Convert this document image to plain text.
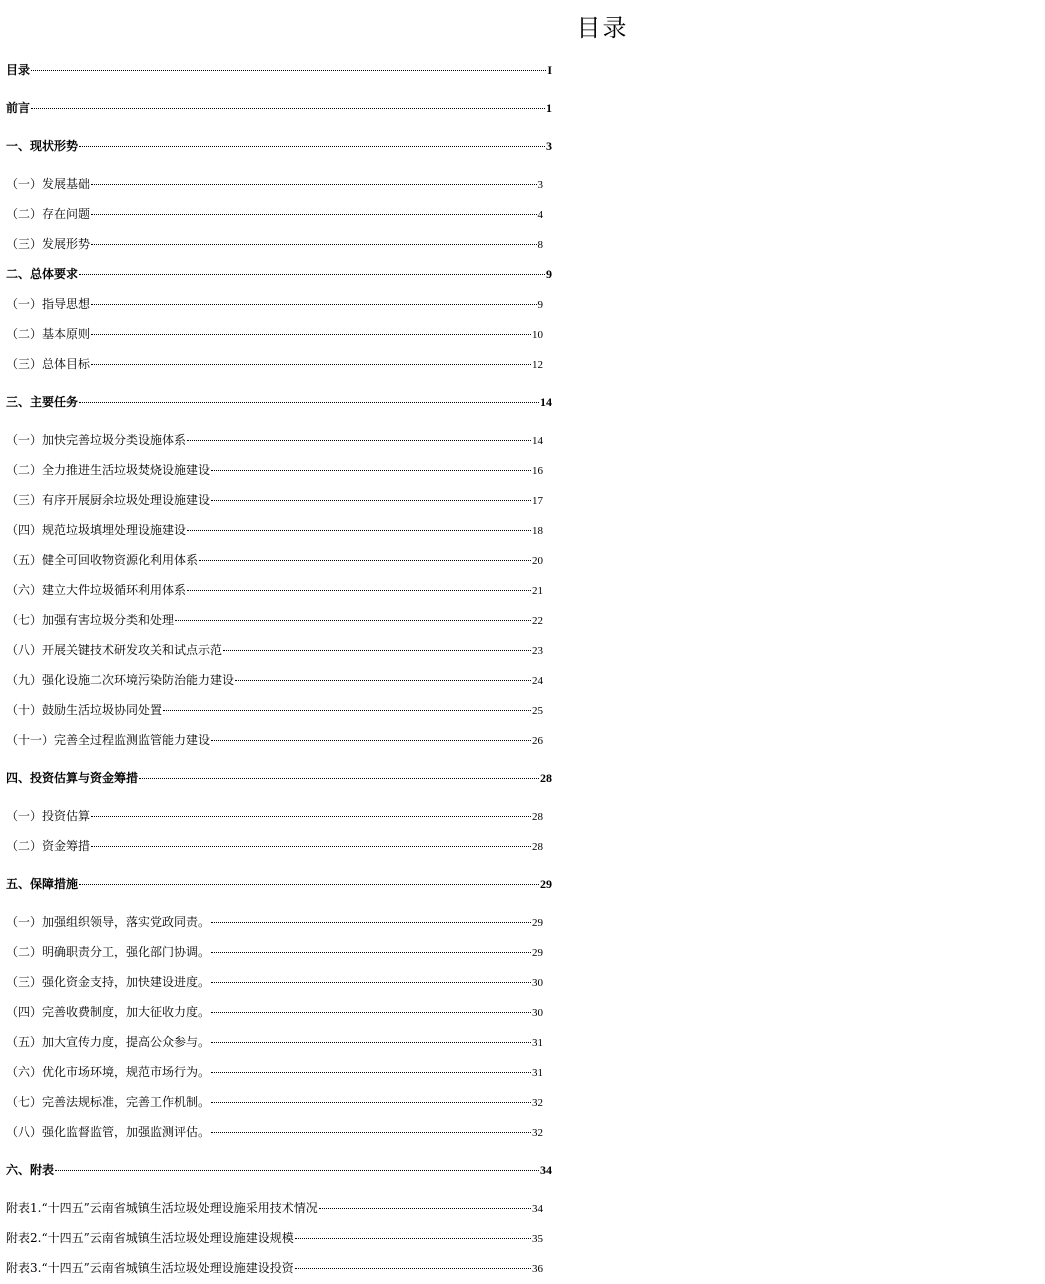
目录
目录	I
前言	1
一、现状形势	3
（一）发展基础	3
（二）存在问题	4
（三）发展形势	8
二、总体要求	9
（一）指导思想	9
（二）基本原则	10
（三）总体目标	12
三、主要任务	14
（一）加快完善垃圾分类设施体系	14
（二）全力推进生活垃圾焚烧设施建设	16
（三）有序开展厨余垃圾处理设施建设	17
（四）规范垃圾填埋处理设施建设	18
（五）健全可回收物资源化利用体系	20
（六）建立大件垃圾循环利用体系	21
（七）加强有害垃圾分类和处理	22
（八）开展关键技术研发攻关和试点示范	23
（九）强化设施二次环境污染防治能力建设	24
（十）鼓励生活垃圾协同处置	25
（十一）完善全过程监测监管能力建设	26
四、投资估算与资金筹措	28
（一）投资估算	28
（二）资金筹措	28
五、保障措施	29
（一）加强组织领导，落实党政同责。	29
（二）明确职责分工，强化部门协调。	29
（三）强化资金支持，加快建设进度。	30
（四）完善收费制度，加大征收力度。	30
（五）加大宣传力度，提高公众参与。	31
（六）优化市场环境，规范市场行为。	31
（七）完善法规标准，完善工作机制。	32
（八）强化监督监管，加强监测评估。	32
六、附表	34
附表1.“十四五”云南省城镇生活垃圾处理设施采用技术情况	34
附表2.“十四五”云南省城镇生活垃圾处理设施建设规模	35
附表3.“十四五”云南省城镇生活垃圾处理设施建设投资	36
